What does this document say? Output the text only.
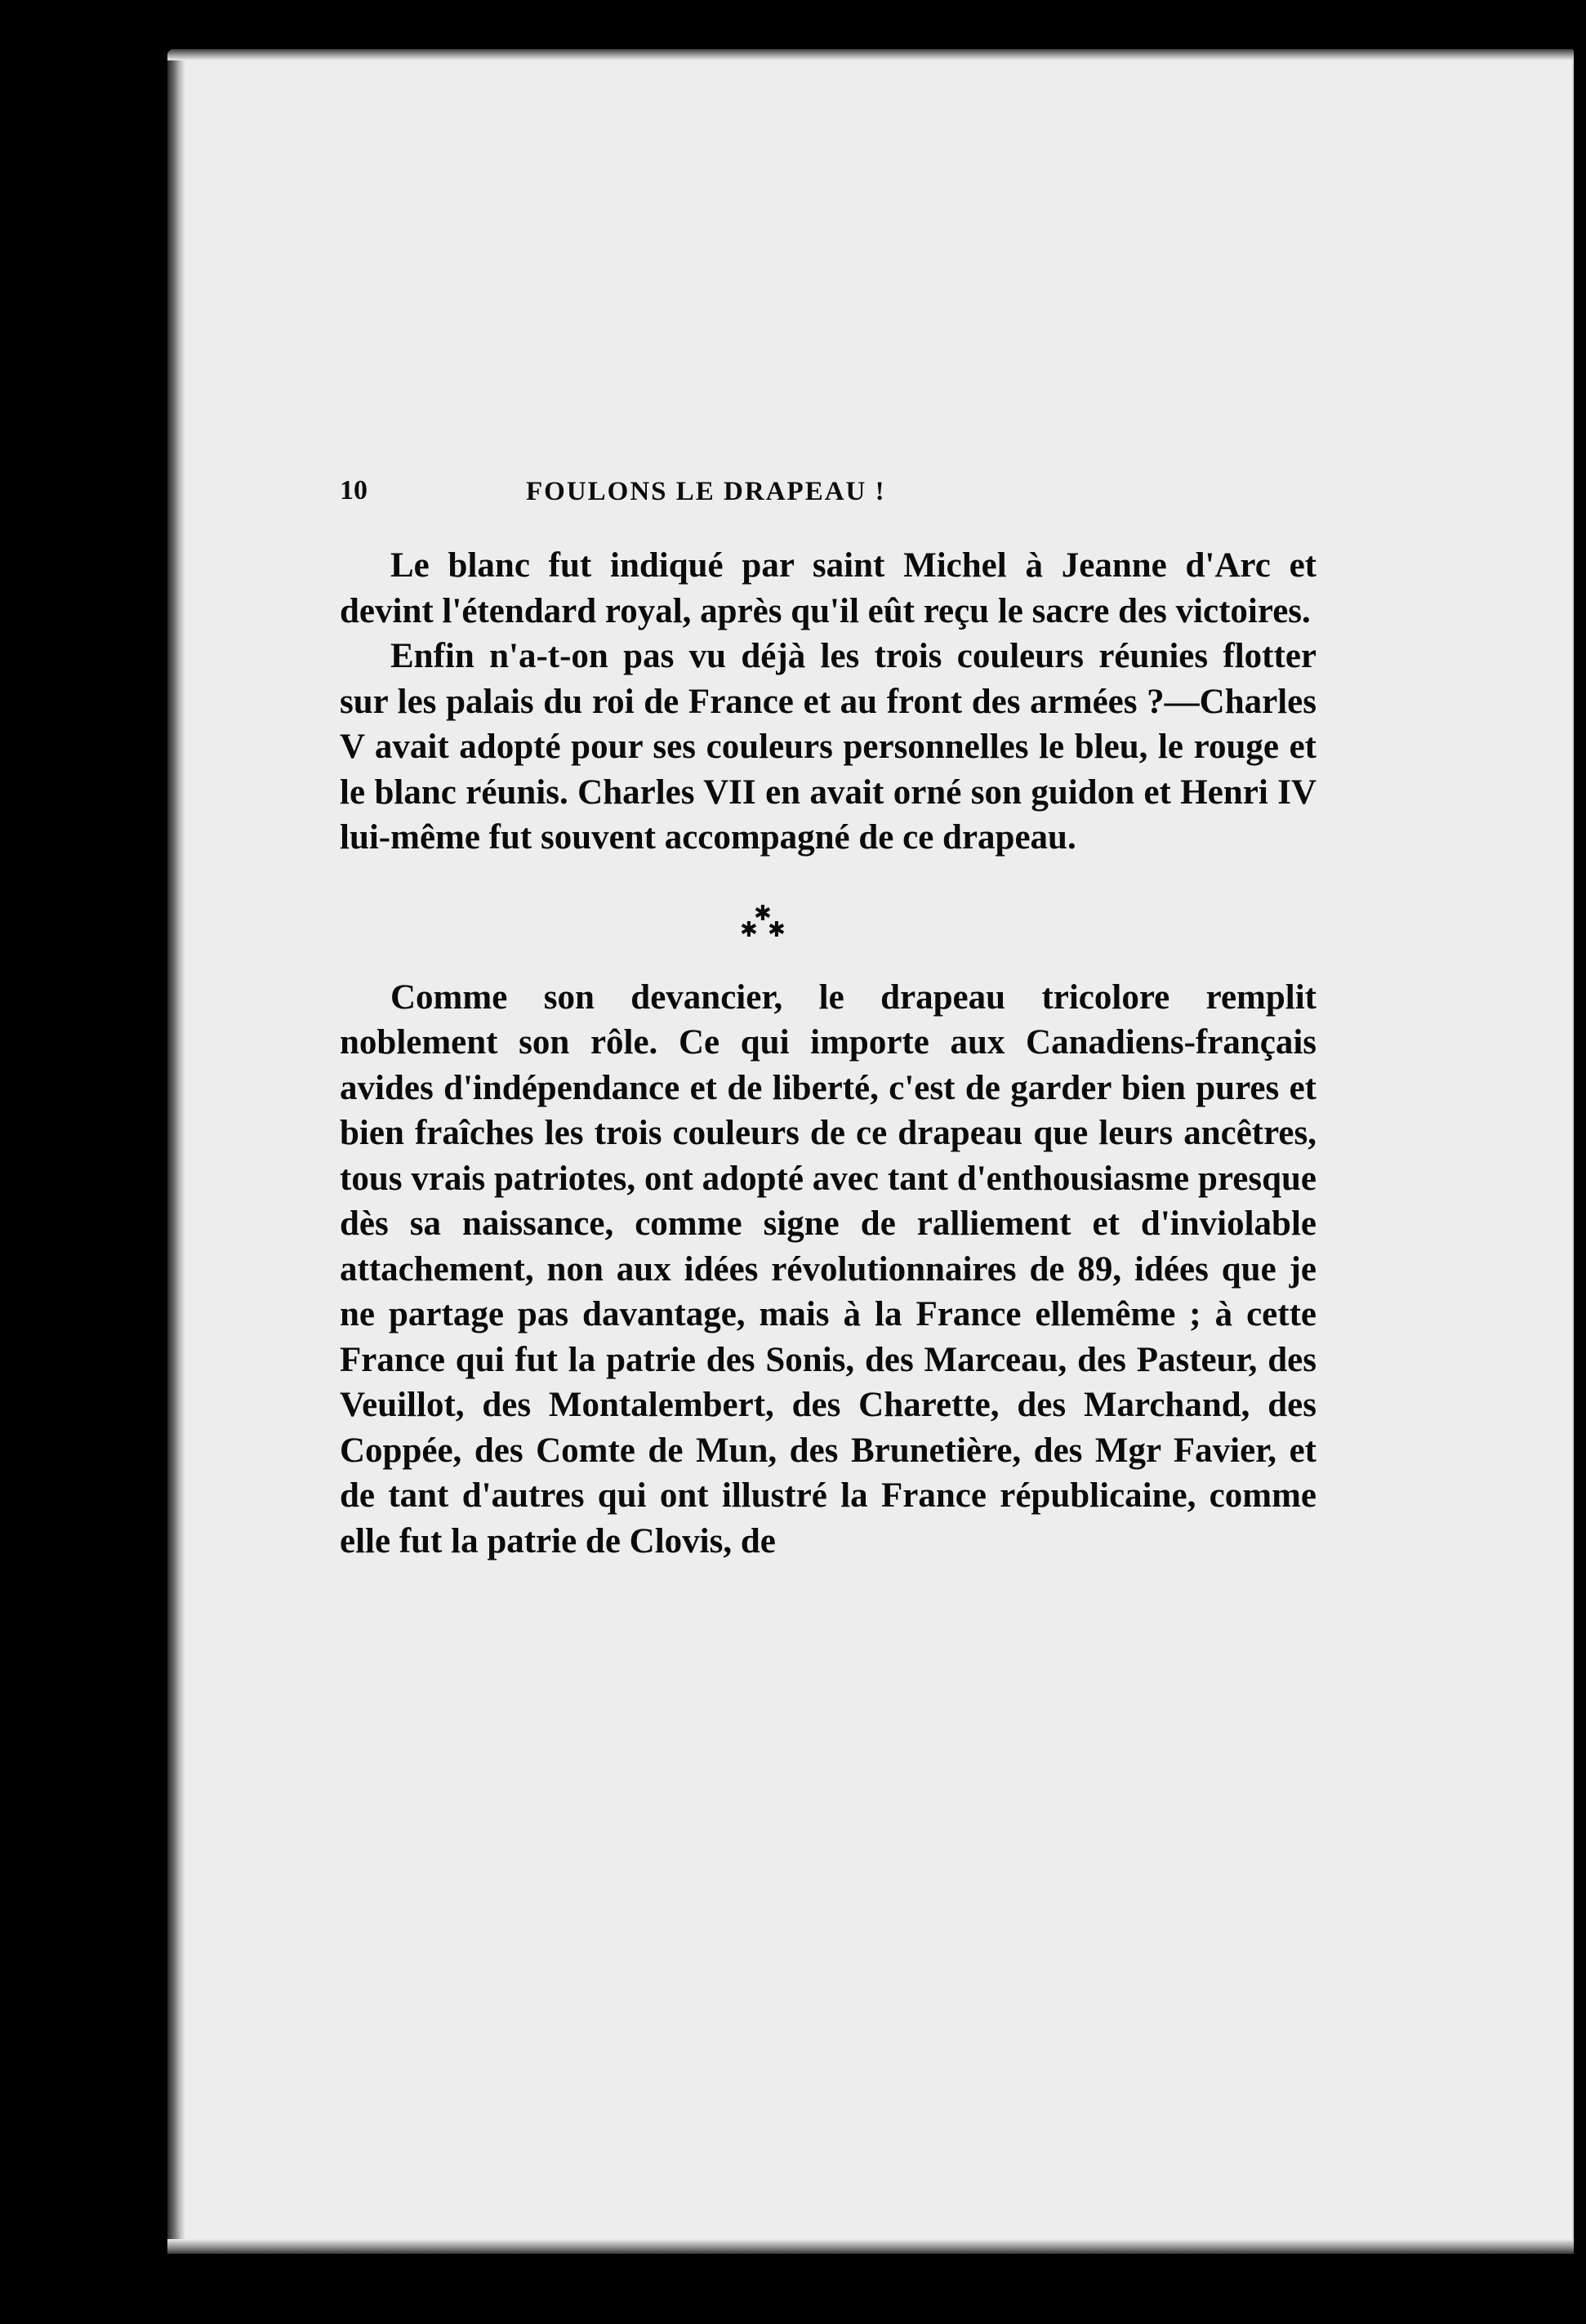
10	FOULONS LE DRAPEAU !

Le blanc fut indiqué par saint Michel à Jeanne d'Arc et devint l'étendard royal, après qu'il eût reçu le sacre des victoires.

Enfin n'a-t-on pas vu déjà les trois couleurs réunies flotter sur les palais du roi de France et au front des armées ?—Charles V avait adopté pour ses couleurs personnelles le bleu, le rouge et le blanc réunis. Charles VII en avait orné son guidon et Henri IV lui-même fut souvent accompagné de ce drapeau.

✱
✱ ✱

Comme son devancier, le drapeau tricolore remplit noblement son rôle. Ce qui importe aux Canadiens-français avides d'indépendance et de liberté, c'est de garder bien pures et bien fraîches les trois couleurs de ce drapeau que leurs ancêtres, tous vrais patriotes, ont adopté avec tant d'enthousiasme presque dès sa naissance, comme signe de ralliement et d'inviolable attachement, non aux idées révolutionnaires de 89, idées que je ne partage pas davantage, mais à la France ellemême ; à cette France qui fut la patrie des Sonis, des Marceau, des Pasteur, des Veuillot, des Montalembert, des Charette, des Marchand, des Coppée, des Comte de Mun, des Brunetière, des Mgr Favier, et de tant d'autres qui ont illustré la France républicaine, comme elle fut la patrie de Clovis, de
